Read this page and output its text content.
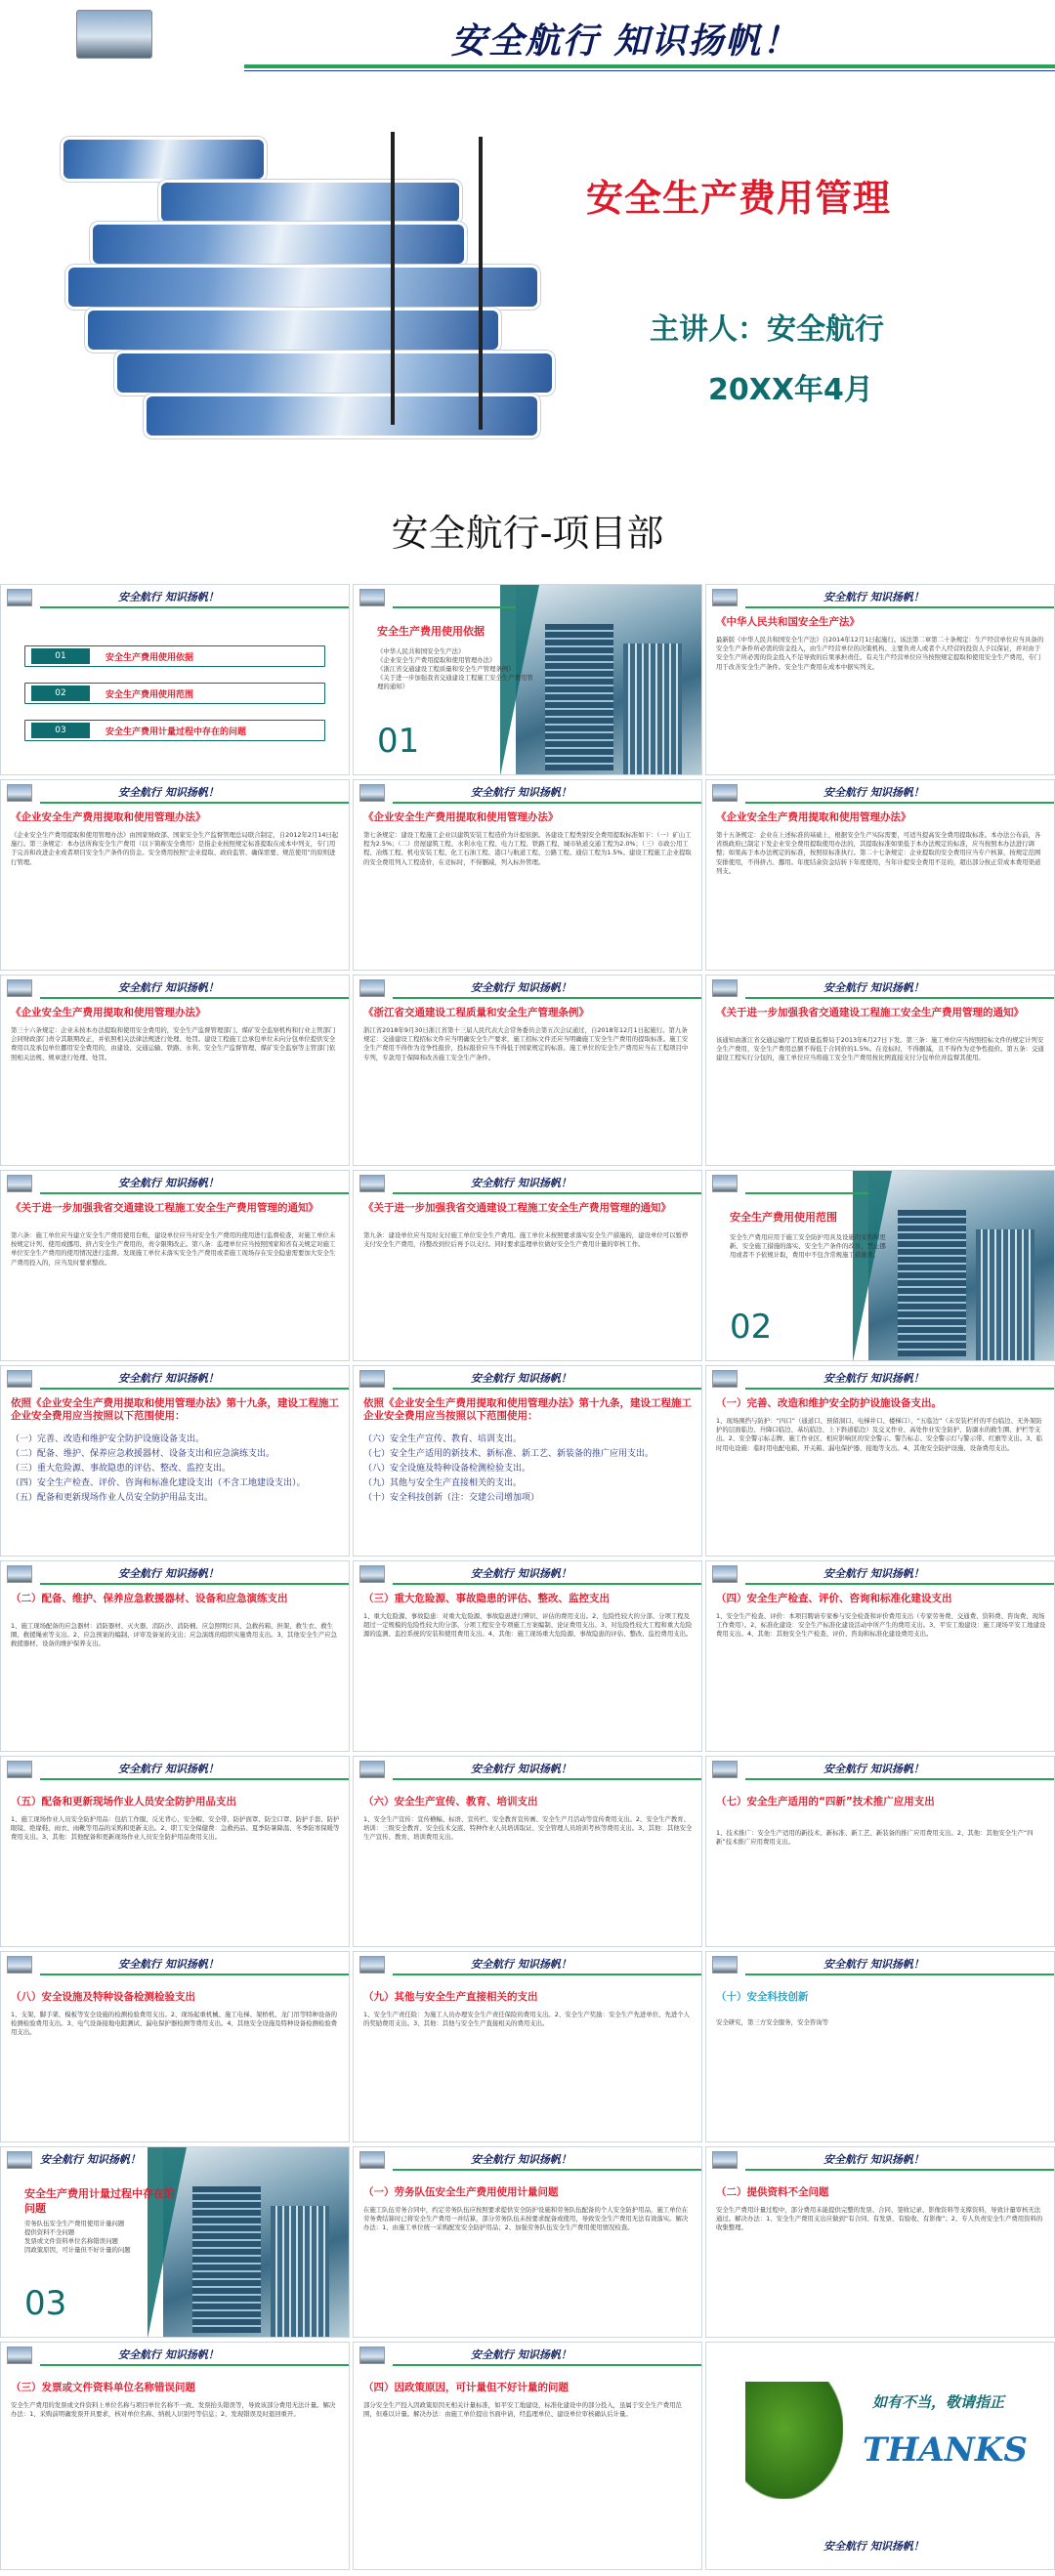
安全航行 知识扬帆！
安全生产费用管理
主讲人：安全航行
20XX年4月
安全航行-项目部
安全航行 知识扬帆！
01	安全生产费用使用依据
02	安全生产费用使用范围
03	安全生产费用计量过程中存在的问题
安全生产费用使用依据
《中华人民共和国安全生产法》
《企业安全生产费用提取和使用管理办法》
《浙江省交通建设工程质量和安全生产管理条例》
《关于进一步加强我省交通建设工程施工安全生产费用管理的通知》
01
安全航行 知识扬帆！
《中华人民共和国安全生产法》
最新版《中华人民共和国安全生产法》自2014年12月1日起施行。该法第二章第二十条规定：生产经营单位应当具备的安全生产条件所必需的资金投入，由生产经营单位的决策机构、主要负责人或者个人经营的投资人予以保证，并对由于安全生产所必需的资金投入不足导致的后果承担责任。有关生产经营单位应当按照规定提取和使用安全生产费用，专门用于改善安全生产条件。安全生产费用在成本中据实列支。
安全航行 知识扬帆！
《企业安全生产费用提取和使用管理办法》
《企业安全生产费用提取和使用管理办法》由国家财政部、国家安全生产监督管理总局联合制定，自2012年2月14日起施行。第三条规定：本办法所称安全生产费用（以下简称安全费用）是指企业按照规定标准提取在成本中列支，专门用于完善和改进企业或者项目安全生产条件的资金。安全费用按照“企业提取、政府监管、确保需要、规范使用”的原则进行管理。
安全航行 知识扬帆！
《企业安全生产费用提取和使用管理办法》
第七条规定：建设工程施工企业以建筑安装工程造价为计提依据。各建设工程类别安全费用提取标准如下：（一）矿山工程为2.5%；（二）房屋建筑工程、水利水电工程、电力工程、铁路工程、城市轨道交通工程为2.0%；（三）市政公用工程、冶炼工程、机电安装工程、化工石油工程、港口与航道工程、公路工程、通信工程为1.5%。建设工程施工企业提取的安全费用列入工程造价，在竞标时，不得删减，列入标外管理。
安全航行 知识扬帆！
《企业安全生产费用提取和使用管理办法》
第十五条规定：企业在上述标准的基础上，根据安全生产实际需要，可适当提高安全费用提取标准。本办法公布前，各省级政府已制定下发企业安全费用提取使用办法的，其提取标准如果低于本办法规定的标准，应当按照本办法进行调整；如果高于本办法规定的标准，按照原标准执行。第二十七条规定：企业提取的安全费用应当专户核算，按规定范围安排使用，不得挤占、挪用。年度结余资金结转下年度使用，当年计提安全费用不足的，超出部分按正常成本费用渠道列支。
安全航行 知识扬帆！
《企业安全生产费用提取和使用管理办法》
第三十六条规定：企业未按本办法提取和使用安全费用的，安全生产监督管理部门、煤矿安全监察机构和行业主管部门会同财政部门责令其限期改正，并依照相关法律法规进行处理、处罚。建设工程施工总承包单位未向分包单位提供安全费用以及承包单位挪用安全费用的，由建设、交通运输、铁路、水利、安全生产监督管理、煤矿安全监察等主管部门依照相关法规、规章进行处理、处罚。
安全航行 知识扬帆！
《浙江省交通建设工程质量和安全生产管理条例》
浙江省2018年9月30日浙江省第十三届人民代表大会常务委员会第五次会议通过，自2018年12月1日起施行。第九条规定：交通建设工程招标文件应当明确安全生产要求，施工招标文件还应当明确施工安全生产费用的提取标准。施工安全生产费用不得作为竞争性报价，投标报价应当不得低于国家规定的标准。施工单位的安全生产费用应当在工程项目中专列，专款用于保障和改善施工安全生产条件。
安全航行 知识扬帆！
《关于进一步加强我省交通建设工程施工安全生产费用管理的通知》
该通知由浙江省交通运输厅工程质量监督局于2013年6月27日下发。第三条：施工单位应当按照招标文件的规定计列安全生产费用，安全生产费用总额不得低于合同价的1.5%。在竞标时，不得删减，且不得作为竞争性报价。第五条：交通建设工程实行分包的，施工单位应当将施工安全生产费用按比例直接支付分包单位并监督其使用。
安全航行 知识扬帆！
《关于进一步加强我省交通建设工程施工安全生产费用管理的通知》
第六条：施工单位应当建立安全生产费用使用台账，建设单位应当对安全生产费用的使用进行监督检查，对施工单位未按规定计列、使用或挪用、挤占安全生产费用的，责令限期改正。第八条：监理单位应当按照国家和省有关规定对施工单位安全生产费用的使用情况进行监督。发现施工单位未落实安全生产费用或者施工现场存在安全隐患需要加大安全生产费用投入的，应当及时要求整改。
安全航行 知识扬帆！
《关于进一步加强我省交通建设工程施工安全生产费用管理的通知》
第九条：建设单位应当及时支付施工单位安全生产费用。施工单位未按照要求落实安全生产措施的，建设单位可以暂停支付安全生产费用，待整改到位后再予以支付。同时要求监理单位做好安全生产费用计量的审核工作。
安全生产费用使用范围
安全生产费用应用于施工安全防护用具及设施的采购和更新、安全施工措施的落实、安全生产条件的改善，禁止挪用或者不予依规计取，费用中不包含常规施工措施费。
02
安全航行 知识扬帆！
依照《企业安全生产费用提取和使用管理办法》第十九条，建设工程施工企业安全费用应当按照以下范围使用：
（一）完善、改造和维护安全防护设施设备支出。
（二）配备、维护、保养应急救援器材、设备支出和应急演练支出。
（三）重大危险源、事故隐患的评估、整改、监控支出。
（四）安全生产检查、评价、咨询和标准化建设支出（不含工地建设支出）。
（五）配备和更新现场作业人员安全防护用品支出。
安全航行 知识扬帆！
依照《企业安全生产费用提取和使用管理办法》第十九条，建设工程施工企业安全费用应当按照以下范围使用：
（六）安全生产宣传、教育、培训支出。
（七）安全生产适用的新技术、新标准、新工艺、新装备的推广应用支出。
（八）安全设施及特种设备检测检验支出。
（九）其他与安全生产直接相关的支出。
（十）安全科技创新（注：交建公司增加项）
安全航行 知识扬帆！
（一）完善、改造和维护安全防护设施设备支出。
1、现场围挡与防护：“四口”（通道口、预留洞口、电梯井口、楼梯口）、“五临边”（未安装栏杆的平台临边、无外架防护的层面临边、升降口临边、基坑临边、上下斜道临边）及交叉作业、高处作业安全防护、防溺水的救生圈、护栏等支出。2、安全警示标志牌、施工作业区、相应影响区的安全警示、警告标志、安全警示灯与警示带、红旗等支出。3、临时用电设施：临时用电配电箱、开关箱、漏电保护器、接地等支出。4、其他安全防护设施、设备费用支出。
安全航行 知识扬帆！
（二）配备、维护、保养应急救援器材、设备和应急演练支出
1、施工现场配备的应急器材：消防器材、灭火器、消防沙、消防桶、应急照明灯具、急救药箱、担架、救生衣、救生圈、救援绳索等支出。2、应急预案的编制、评审及备案的支出；应急演练的组织实施费用支出。3、其他安全生产应急救援器材、设备的维护保养支出。
安全航行 知识扬帆！
（三）重大危险源、事故隐患的评估、整改、监控支出
1、重大危险源、事故隐患：对重大危险源、事故隐患进行辨识、评估的费用支出。2、危险性较大的分部、分项工程及超过一定规模的危险性较大的分部、分项工程安全专项施工方案编制、论证费用支出。3、对危险性较大工程和重大危险源的监测、监控系统的安装和使用费用支出。4、其他：施工现场重大危险源、事故隐患的评估、整改、监控费用支出。
安全航行 知识扬帆！
（四）安全生产检查、评价、咨询和标准化建设支出
1、安全生产检查、评价：本项目聘请专家参与安全检查和评价费用支出（专家劳务费、交通费、资料费、咨询费、现场工作费用）。2、标准化建设：安全生产标准化建设活动中所产生的费用支出。3、平安工地建设：施工现场平安工地建设费用支出。4、其他：其他安全生产检查、评价、咨询和标准化建设费用支出。
安全航行 知识扬帆！
（五）配备和更新现场作业人员安全防护用品支出
1、施工现场作业人员安全防护用品：包括工作服、反光背心、安全帽、安全带、防护面罩、防尘口罩、防护手套、防护眼镜、绝缘鞋、雨衣、雨靴等用品的采购和更新支出。2、职工安全保健费：急救药品、夏季防暑降温、冬季防寒保暖等费用支出。3、其他：其他配备和更新现场作业人员安全防护用品费用支出。
安全航行 知识扬帆！
（六）安全生产宣传、教育、培训支出
1、安全生产宣传：宣传横幅、标语、宣传栏、安全教育宣传画、安全生产月活动等宣传费用支出。2、安全生产教育、培训：三级安全教育、安全技术交底、特种作业人员培训取证、安全管理人员培训考核等费用支出。3、其他：其他安全生产宣传、教育、培训费用支出。
安全航行 知识扬帆！
（七）安全生产适用的“四新”技术推广应用支出
1、技术推广：安全生产适用的新技术、新标准、新工艺、新装备的推广应用费用支出。2、其他：其他安全生产“四新”技术推广应用费用支出。
安全航行 知识扬帆！
（八）安全设施及特种设备检测检验支出
1、支架、脚手架、模板等安全设施的检测检验费用支出。2、现场起重机械、施工电梯、架桥机、龙门吊等特种设备的检测检验费用支出。3、电气设备接地电阻测试、漏电保护器检测等费用支出。4、其他安全设施及特种设备检测检验费用支出。
安全航行 知识扬帆！
（九）其他与安全生产直接相关的支出
1、安全生产责任险：为施工人员办理安全生产责任保险的费用支出。2、安全生产奖励：安全生产先进单位、先进个人的奖励费用支出。3、其他：其他与安全生产直接相关的费用支出。
安全航行 知识扬帆！
（十）安全科技创新
安全研究，第三方安全服务，安全咨询等
安全航行 知识扬帆！
安全生产费用计量过程中存在的问题
劳务队伍安全生产费用使用计量问题
提供资料不全问题
发票或文件资料单位名称错误问题
因政策原因，可计量但不好计量的问题
03
安全航行 知识扬帆！
（一）劳务队伍安全生产费用使用计量问题
在施工队伍劳务合同中，约定劳务队伍应按照要求提供安全防护设施和劳务队伍配备的个人安全防护用品，施工单位在劳务费结算时已将安全生产费用一并结算，部分劳务队伍未按要求配备或使用，导致安全生产费用无法有效落实。解决办法：1、由施工单位统一采购配发安全防护用品；2、加强劳务队伍安全生产费用使用情况检查。
安全航行 知识扬帆！
（二）提供资料不全问题
安全生产费用计量过程中，部分费用未能提供完整的发票、合同、签收记录、影像资料等支撑资料，导致计量审核无法通过。解决办法：1、安全生产费用支出应做到“有合同、有发票、有验收、有影像”；2、专人负责安全生产费用资料的收集整理。
安全航行 知识扬帆！
（三）发票或文件资料单位名称错误问题
安全生产费用的发票或文件资料上单位名称与项目单位名称不一致、发票抬头错误等，导致该部分费用无法计量。解决办法：1、采购前明确发票开具要求，核对单位名称、纳税人识别号等信息；2、发现错误及时退回重开。
安全航行 知识扬帆！
（四）因政策原因，可计量但不好计量的问题
部分安全生产投入因政策原因无相关计量标准，如平安工地建设、标准化建设中的部分投入，虽属于安全生产费用范围，但难以计量。解决办法：由施工单位提出书面申请，经监理单位、建设单位审核确认后计量。
如有不当，敬请指正
THANKS
安全航行 知识扬帆！
